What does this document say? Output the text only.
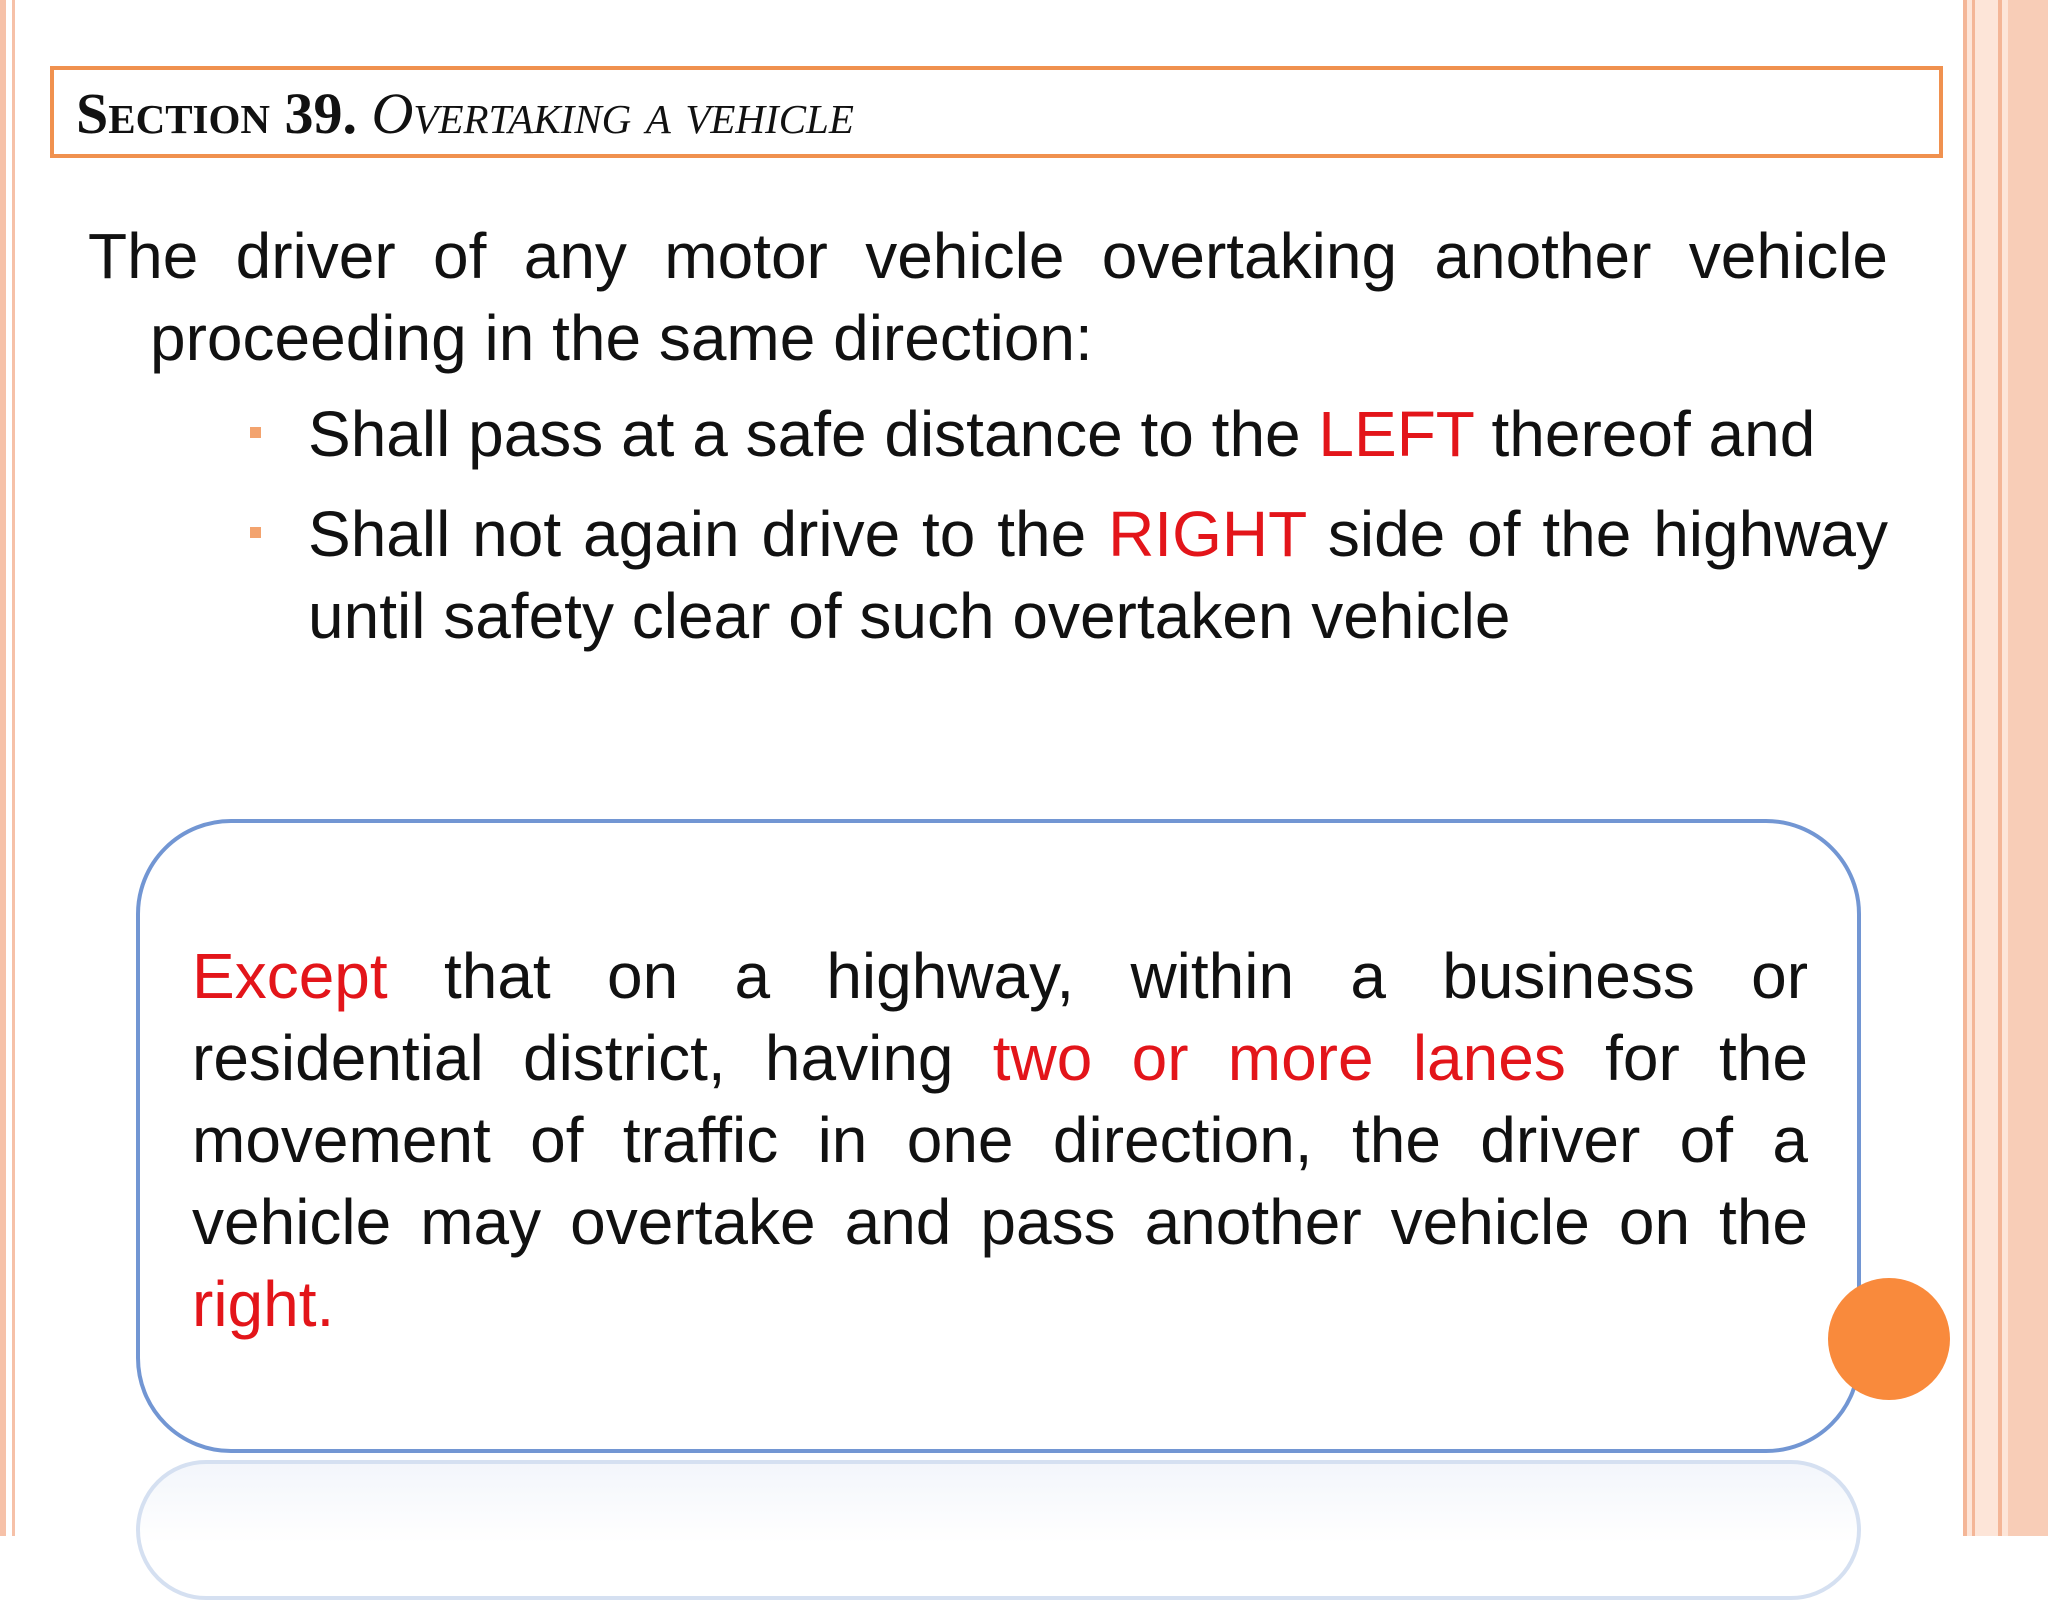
Section 39. Overtaking a vehicle

The driver of any motor vehicle overtaking another vehicle proceeding in the same direction:

Shall pass at a safe distance to the LEFT thereof and
Shall not again drive to the RIGHT side of the highway until safety clear of such overtaken vehicle

Except that on a highway, within a business or residential district, having two or more lanes for the movement of traffic in one direction, the driver of a vehicle may overtake and pass another vehicle on the right.
